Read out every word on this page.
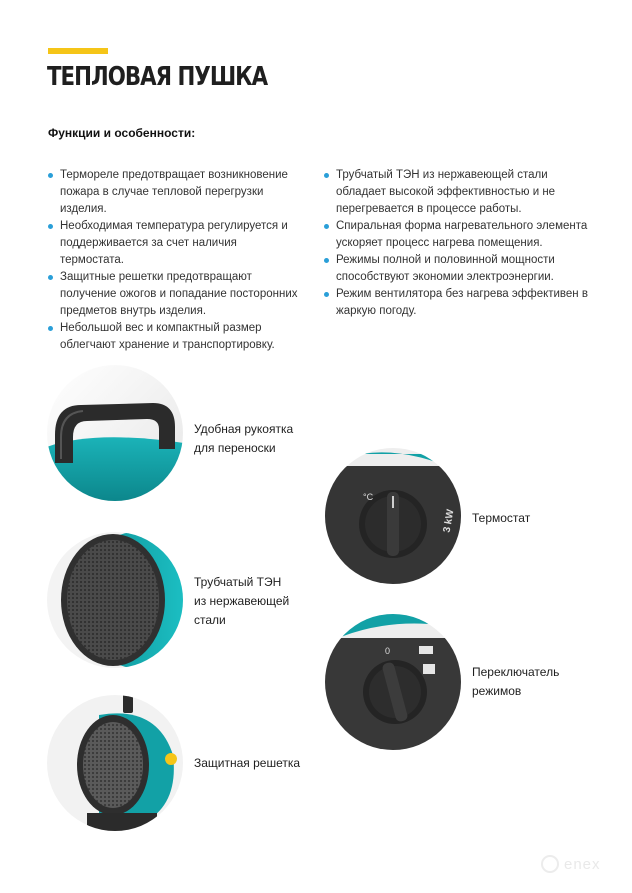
ТЕПЛОВАЯ ПУШКА
Функции и особенности:
Термореле предотвращает возникновение пожара в случае тепловой перегрузки изделия.
Необходимая температура регулируется и поддерживается за счет наличия термостата.
Защитные решетки предотвращают получение ожогов и попадание посторонних предметов внутрь изделия.
Небольшой вес и компактный размер облегчают хранение и транспортировку.
Трубчатый ТЭН из нержавеющей стали обладает высокой эффективностью и не перегревается в процессе работы.
Спиральная форма нагревательного элемента ускоряет процесс нагрева помещения.
Режимы полной и половинной мощности способствуют экономии электроэнергии.
Режим вентилятора без нагрева эффективен в жаркую погоду.
Удобная рукоятка
для переноски
Трубчатый ТЭН
из нержавеющей
стали
Защитная решетка
°C
3 kW Термостат
0
Переключатель
режимов
enex
